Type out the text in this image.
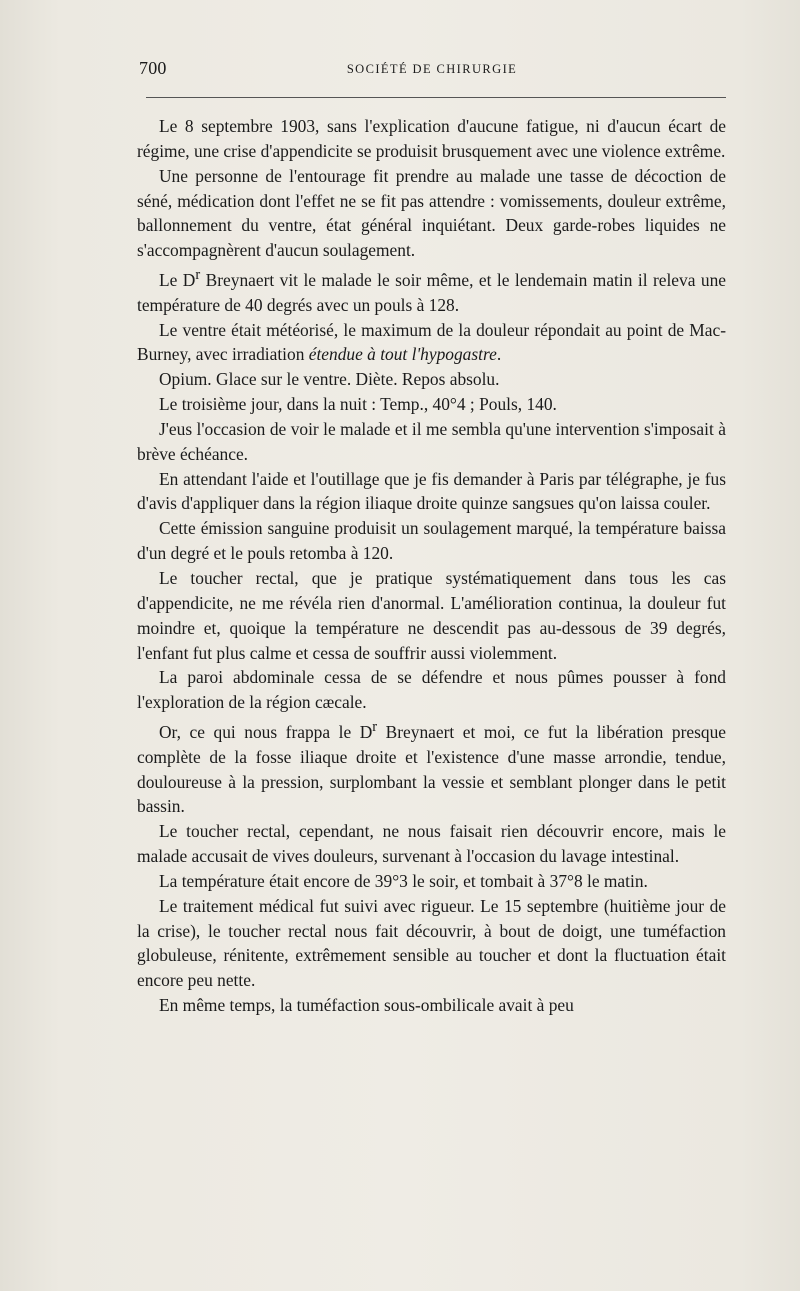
700	SOCIÉTÉ DE CHIRURGIE

Le 8 septembre 1903, sans l'explication d'aucune fatigue, ni d'aucun écart de régime, une crise d'appendicite se produisit brusquement avec une violence extrême.

Une personne de l'entourage fit prendre au malade une tasse de décoction de séné, médication dont l'effet ne se fit pas attendre : vomissements, douleur extrême, ballonnement du ventre, état général inquiétant. Deux garde-robes liquides ne s'accompagnèrent d'aucun soulagement.

Le $D^r$ Breynaert vit le malade le soir même, et le lendemain matin il releva une température de 40 degrés avec un pouls à 128.

Le ventre était météorisé, le maximum de la douleur répondait au point de Mac-Burney, avec irradiation étendue à tout l'hypogastre.

Opium. Glace sur le ventre. Diète. Repos absolu.

Le troisième jour, dans la nuit : Temp., 40°4 ; Pouls, 140.

J'eus l'occasion de voir le malade et il me sembla qu'une intervention s'imposait à brève échéance.

En attendant l'aide et l'outillage que je fis demander à Paris par télégraphe, je fus d'avis d'appliquer dans la région iliaque droite quinze sangsues qu'on laissa couler.

Cette émission sanguine produisit un soulagement marqué, la température baissa d'un degré et le pouls retomba à 120.

Le toucher rectal, que je pratique systématiquement dans tous les cas d'appendicite, ne me révéla rien d'anormal. L'amélioration continua, la douleur fut moindre et, quoique la température ne descendit pas au-dessous de 39 degrés, l'enfant fut plus calme et cessa de souffrir aussi violemment.

La paroi abdominale cessa de se défendre et nous pûmes pousser à fond l'exploration de la région cæcale.

Or, ce qui nous frappa le $D^r$ Breynaert et moi, ce fut la libération presque complète de la fosse iliaque droite et l'existence d'une masse arrondie, tendue, douloureuse à la pression, surplombant la vessie et semblant plonger dans le petit bassin.

Le toucher rectal, cependant, ne nous faisait rien découvrir encore, mais le malade accusait de vives douleurs, survenant à l'occasion du lavage intestinal.

La température était encore de 39°3 le soir, et tombait à 37°8 le matin.

Le traitement médical fut suivi avec rigueur. Le 15 septembre (huitième jour de la crise), le toucher rectal nous fait découvrir, à bout de doigt, une tuméfaction globuleuse, rénitente, extrêmement sensible au toucher et dont la fluctuation était encore peu nette.

En même temps, la tuméfaction sous-ombilicale avait à peu
